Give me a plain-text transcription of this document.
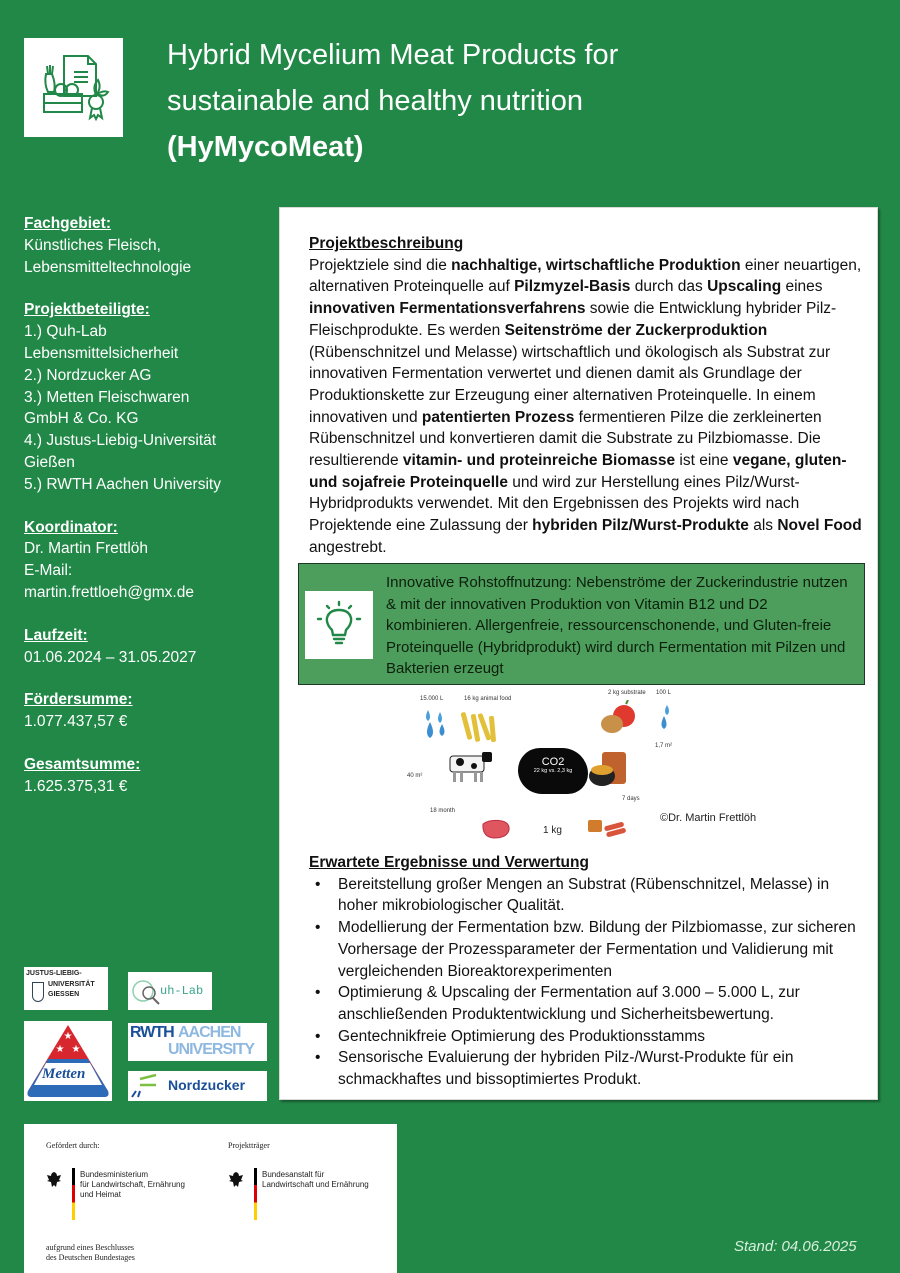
Hybrid Mycelium Meat Products for
sustainable and healthy nutrition
(HyMycoMeat)
Fachgebiet:
Künstliches Fleisch,
Lebensmitteltechnologie
Projektbeteiligte:
1.) Quh-Lab
Lebensmittelsicherheit
2.) Nordzucker AG
3.) Metten Fleischwaren
GmbH & Co. KG
4.) Justus-Liebig-Universität
Gießen
5.) RWTH Aachen University
Koordinator:
Dr. Martin Frettlöh
E-Mail:
martin.frettloeh@gmx.de
Laufzeit:
01.06.2024 – 31.05.2027
Fördersumme:
1.077.437,57 €
Gesamtsumme:
1.625.375,31 €
Projektbeschreibung

Projektziele sind die nachhaltige, wirtschaftliche Produktion einer neuartigen, alternativen Proteinquelle auf Pilzmyzel-Basis durch das Upscaling eines innovativen Fermentationsverfahrens sowie die Entwicklung hybrider Pilz-Fleischprodukte. Es werden Seitenströme der Zuckerproduktion (Rübenschnitzel und Melasse) wirtschaftlich und ökologisch als Substrat zur innovativen Fermentation verwertet und dienen damit als Grundlage der Produktionskette zur Erzeugung einer alternativen Proteinquelle. In einem innovativen und patentierten Prozess fermentieren Pilze die zerkleinerten Rübenschnitzel und konvertieren damit die Substrate zu Pilzbiomasse. Die resultierende vitamin- und proteinreiche Biomasse ist eine vegane, gluten- und sojafreie Proteinquelle und wird zur Herstellung eines Pilz/Wurst-Hybridprodukts verwendet. Mit den Ergebnissen des Projekts wird nach Projektende eine Zulassung der hybriden Pilz/Wurst-Produkte als Novel Food angestrebt.

Innovative Rohstoffnutzung: Nebenströme der Zuckerindustrie nutzen & mit der innovativen Produktion von Vitamin B12 und D2 kombinieren. Allergenfreie, ressourcenschonende, und Gluten-freie Proteinquelle (Hybridprodukt) wird durch Fermentation mit Pilzen und Bakterien erzeugt
15.000 L	16 kg animal food
40 m²
18 month
CO2
22 kg vs. 2,3 kg
1 kg
2 kg substrate 100 L
1,7 m²
7 days
©Dr. Martin Frettlöh
Erwartete Ergebnisse und Verwertung
• Bereitstellung großer Mengen an Substrat (Rübenschnitzel, Melasse) in hoher mikrobiologischer Qualität.
• Modellierung der Fermentation bzw. Bildung der Pilzbiomasse, zur sicheren Vorhersage der Prozessparameter der Fermentation und Validierung mit vergleichenden Bioreaktorexperimenten
• Optimierung & Upscaling der Fermentation auf 3.000 – 5.000 L, zur anschließenden Produktentwicklung und Sicherheitsbewertung.
• Gentechnikfreie Optimierung des Produktionsstamms
• Sensorische Evaluierung der hybriden Pilz-/Wurst-Produkte für ein schmackhaftes und bissoptimiertes Produkt.
JUSTUS-LIEBIG-
UNIVERSITÄT
GIESSEN	uh-Lab
★
★ ★
Metten
RWTH AACHEN
UNIVERSITY
Nordzucker
Gefördert durch:
Bundesministerium
für Landwirtschaft, Ernährung
und Heimat
Projektträger
Bundesanstalt für
Landwirtschaft und Ernährung
aufgrund eines Beschlusses
des Deutschen Bundestages
Stand: 04.06.2025
